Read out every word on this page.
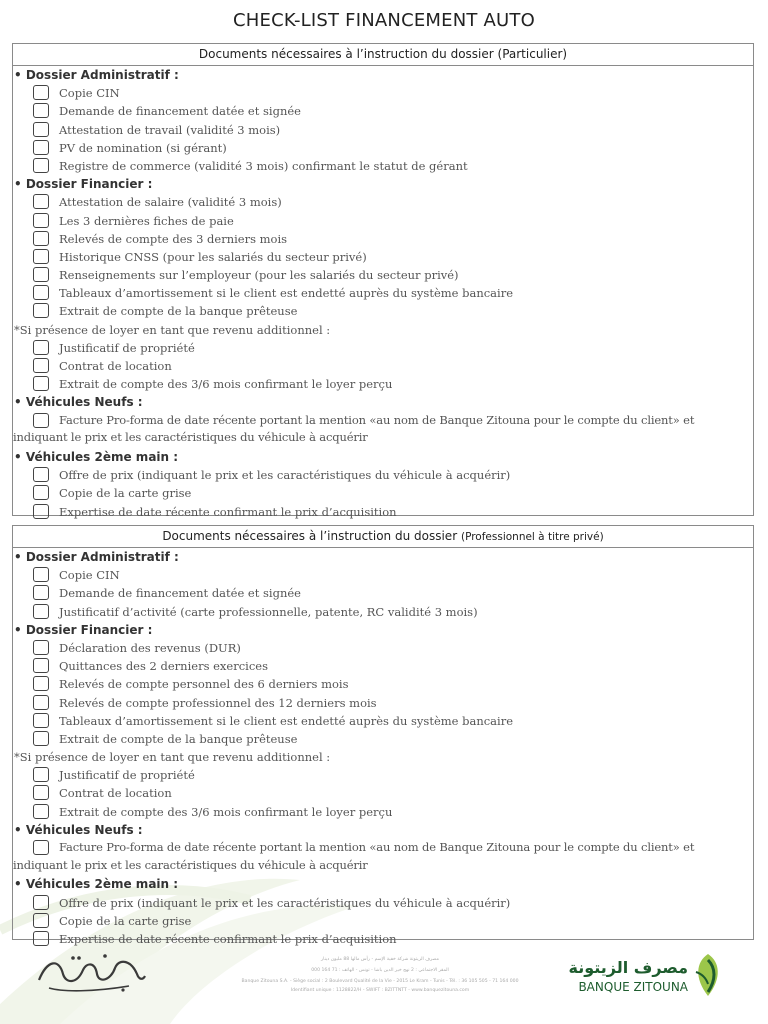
CHECK-LIST FINANCEMENT AUTO
Documents nécessaires à l’instruction du dossier (Particulier)
• Dossier Administratif :
Copie CIN
Demande de financement datée et signée
Attestation de travail (validité 3 mois)
PV de nomination (si gérant)
Registre de commerce (validité 3 mois) confirmant le statut de gérant
• Dossier Financier :
Attestation de salaire (validité 3 mois)
Les 3 dernières fiches de paie
Relevés de compte des 3 derniers mois
Historique CNSS (pour les salariés du secteur privé)
Renseignements sur l’employeur (pour les salariés du secteur privé)
Tableaux d’amortissement si le client est endetté auprès du système bancaire
Extrait de compte de la banque prêteuse
*Si présence de loyer en tant que revenu additionnel :
Justificatif de propriété
Contrat de location
Extrait de compte des 3/6 mois confirmant le loyer perçu
• Véhicules Neufs :
Facture Pro-forma de date récente portant la mention «au nom de Banque Zitouna pour le compte du client» et indiquant le prix et les caractéristiques du véhicule à acquérir
• Véhicules 2ème main :
Offre de prix (indiquant le prix et les caractéristiques du véhicule à acquérir)
Copie de la carte grise
Expertise de date récente confirmant le prix d’acquisition
Documents nécessaires à l’instruction du dossier (Professionnel à titre privé)
• Dossier Administratif :
Copie CIN
Demande de financement datée et signée
Justificatif d’activité (carte professionnelle, patente, RC validité 3 mois)
• Dossier Financier :
Déclaration des revenus (DUR)
Quittances des 2 derniers exercices
Relevés de compte personnel des 6 derniers mois
Relevés de compte professionnel des 12 derniers mois
Tableaux d’amortissement si le client est endetté auprès du système bancaire
Extrait de compte de la banque prêteuse
*Si présence de loyer en tant que revenu additionnel :
Justificatif de propriété
Contrat de location
Extrait de compte des 3/6 mois confirmant le loyer perçu
• Véhicules Neufs :
Facture Pro-forma de date récente portant la mention «au nom de Banque Zitouna pour le compte du client» et indiquant le prix et les caractéristiques du véhicule à acquérir
• Véhicules 2ème main :
Offre de prix (indiquant le prix et les caractéristiques du véhicule à acquérir)
Copie de la carte grise
Expertise de date récente confirmant le prix d’acquisition
مصرف الزيتونة شركة خفية الإسم - رأس مالها 88 مليون دينار
المقر الاجتماعي : 2 نهج خير الدين باشا - تونس - الهاتف : 71 164 000
Banque Zitouna S.A. - Siège social : 2 Boulevard Qualité de la Vie - 2015 Le Kram - Tunis - Tél. : 36 105 505 - 71 164 000
Identifiant unique : 1128822/H - SWIFT : BZITTNTT - www.banquezitouna.com
مصرف الزيتونة
BANQUE ZITOUNA
